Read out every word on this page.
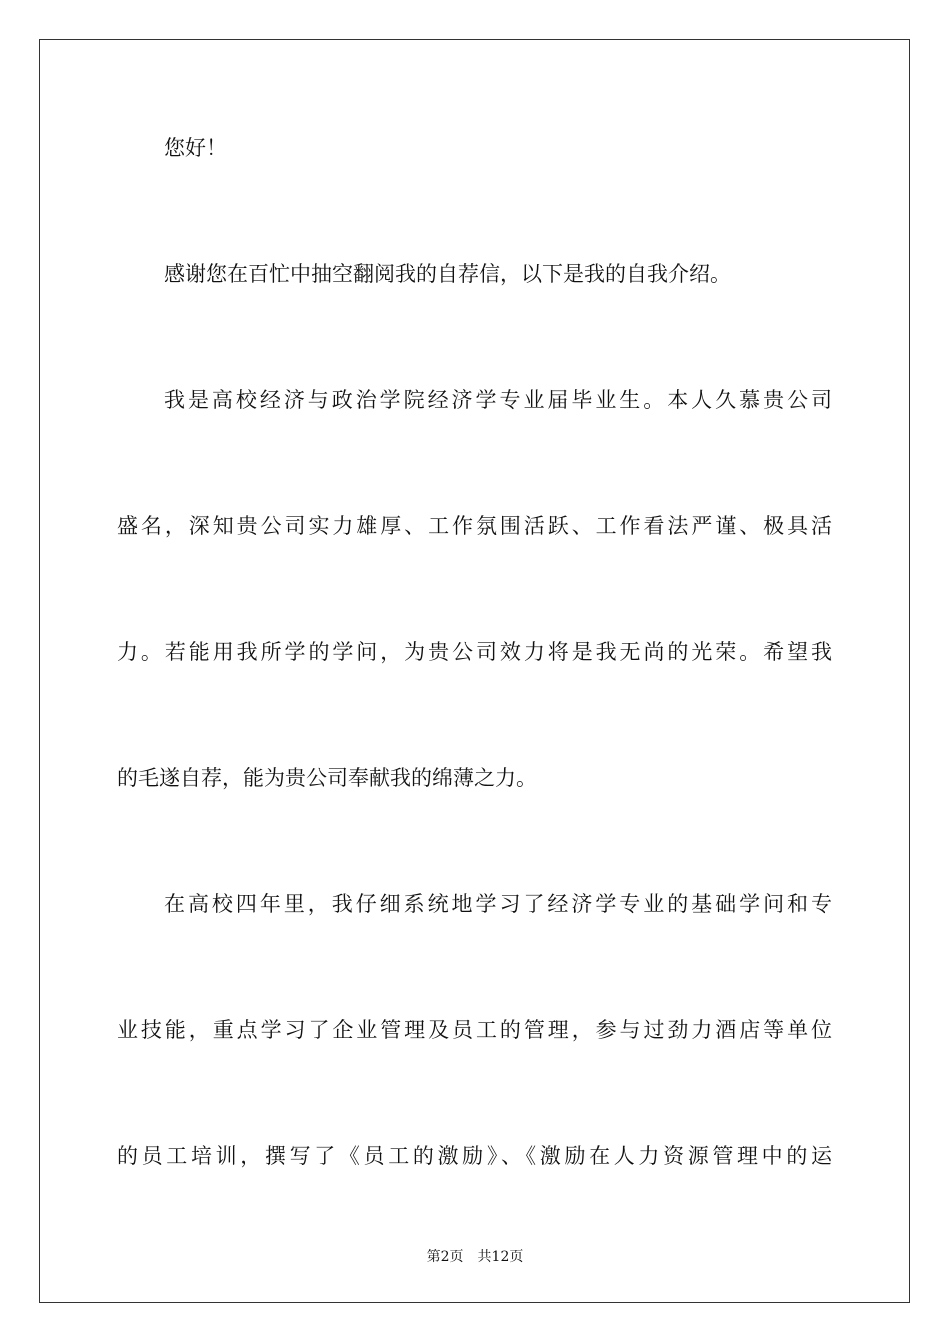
您好！
感谢您在百忙中抽空翻阅我的自荐信，以下是我的自我介绍。
我是高校经济与政治学院经济学专业届毕业生。本人久慕贵公司
盛名，深知贵公司实力雄厚、工作氛围活跃、工作看法严谨、极具活
力。若能用我所学的学问，为贵公司效力将是我无尚的光荣。希望我
的毛遂自荐，能为贵公司奉献我的绵薄之力。
在高校四年里，我仔细系统地学习了经济学专业的基础学问和专
业技能，重点学习了企业管理及员工的管理，参与过劲力酒店等单位
的员工培训，撰写了《员工的激励》、《激励在人力资源管理中的运
第2页 共12页
